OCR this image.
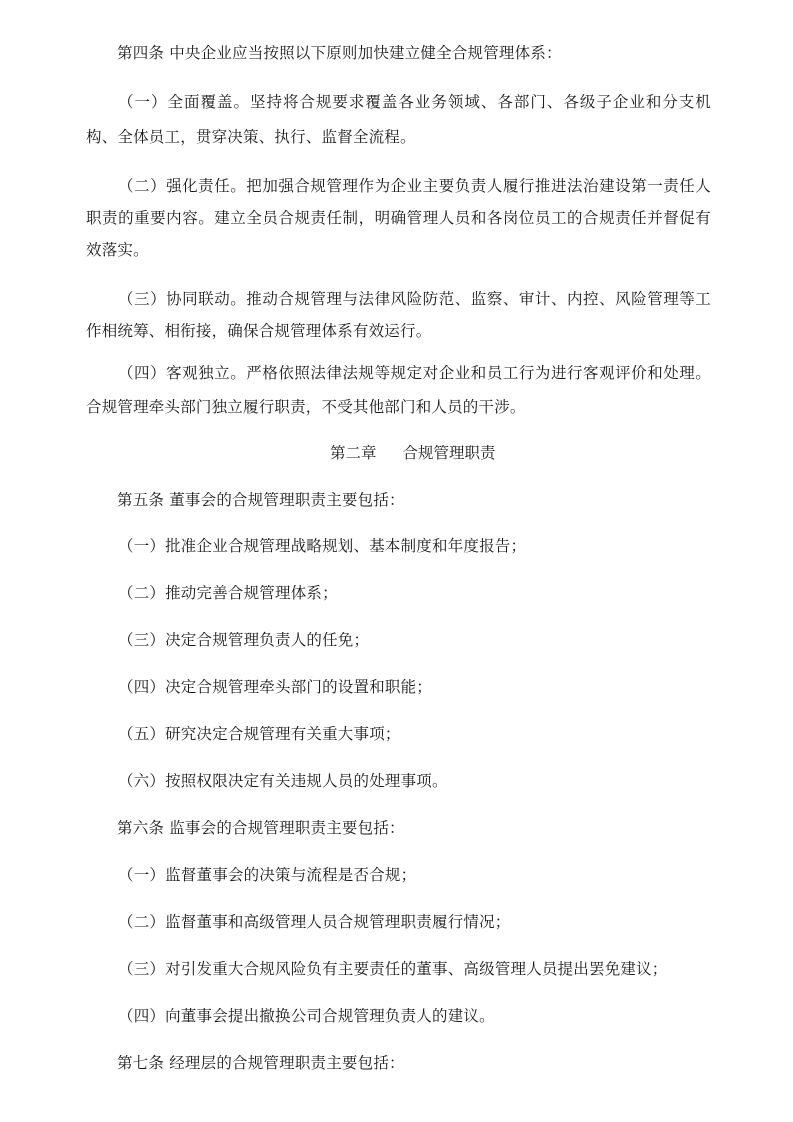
第四条 中央企业应当按照以下原则加快建立健全合规管理体系：
（一）全面覆盖。坚持将合规要求覆盖各业务领域、各部门、各级子企业和分支机
构、全体员工，贯穿决策、执行、监督全流程。
（二）强化责任。把加强合规管理作为企业主要负责人履行推进法治建设第一责任人
职责的重要内容。建立全员合规责任制，明确管理人员和各岗位员工的合规责任并督促有
效落实。
（三）协同联动。推动合规管理与法律风险防范、监察、审计、内控、风险管理等工
作相统筹、相衔接，确保合规管理体系有效运行。
（四）客观独立。严格依照法律法规等规定对企业和员工行为进行客观评价和处理。
合规管理牵头部门独立履行职责，不受其他部门和人员的干涉。
第二章 合规管理职责
第五条 董事会的合规管理职责主要包括：
（一）批准企业合规管理战略规划、基本制度和年度报告；
（二）推动完善合规管理体系；
（三）决定合规管理负责人的任免；
（四）决定合规管理牵头部门的设置和职能；
（五）研究决定合规管理有关重大事项；
（六）按照权限决定有关违规人员的处理事项。
第六条 监事会的合规管理职责主要包括：
（一）监督董事会的决策与流程是否合规；
（二）监督董事和高级管理人员合规管理职责履行情况；
（三）对引发重大合规风险负有主要责任的董事、高级管理人员提出罢免建议；
（四）向董事会提出撤换公司合规管理负责人的建议。
第七条 经理层的合规管理职责主要包括：
